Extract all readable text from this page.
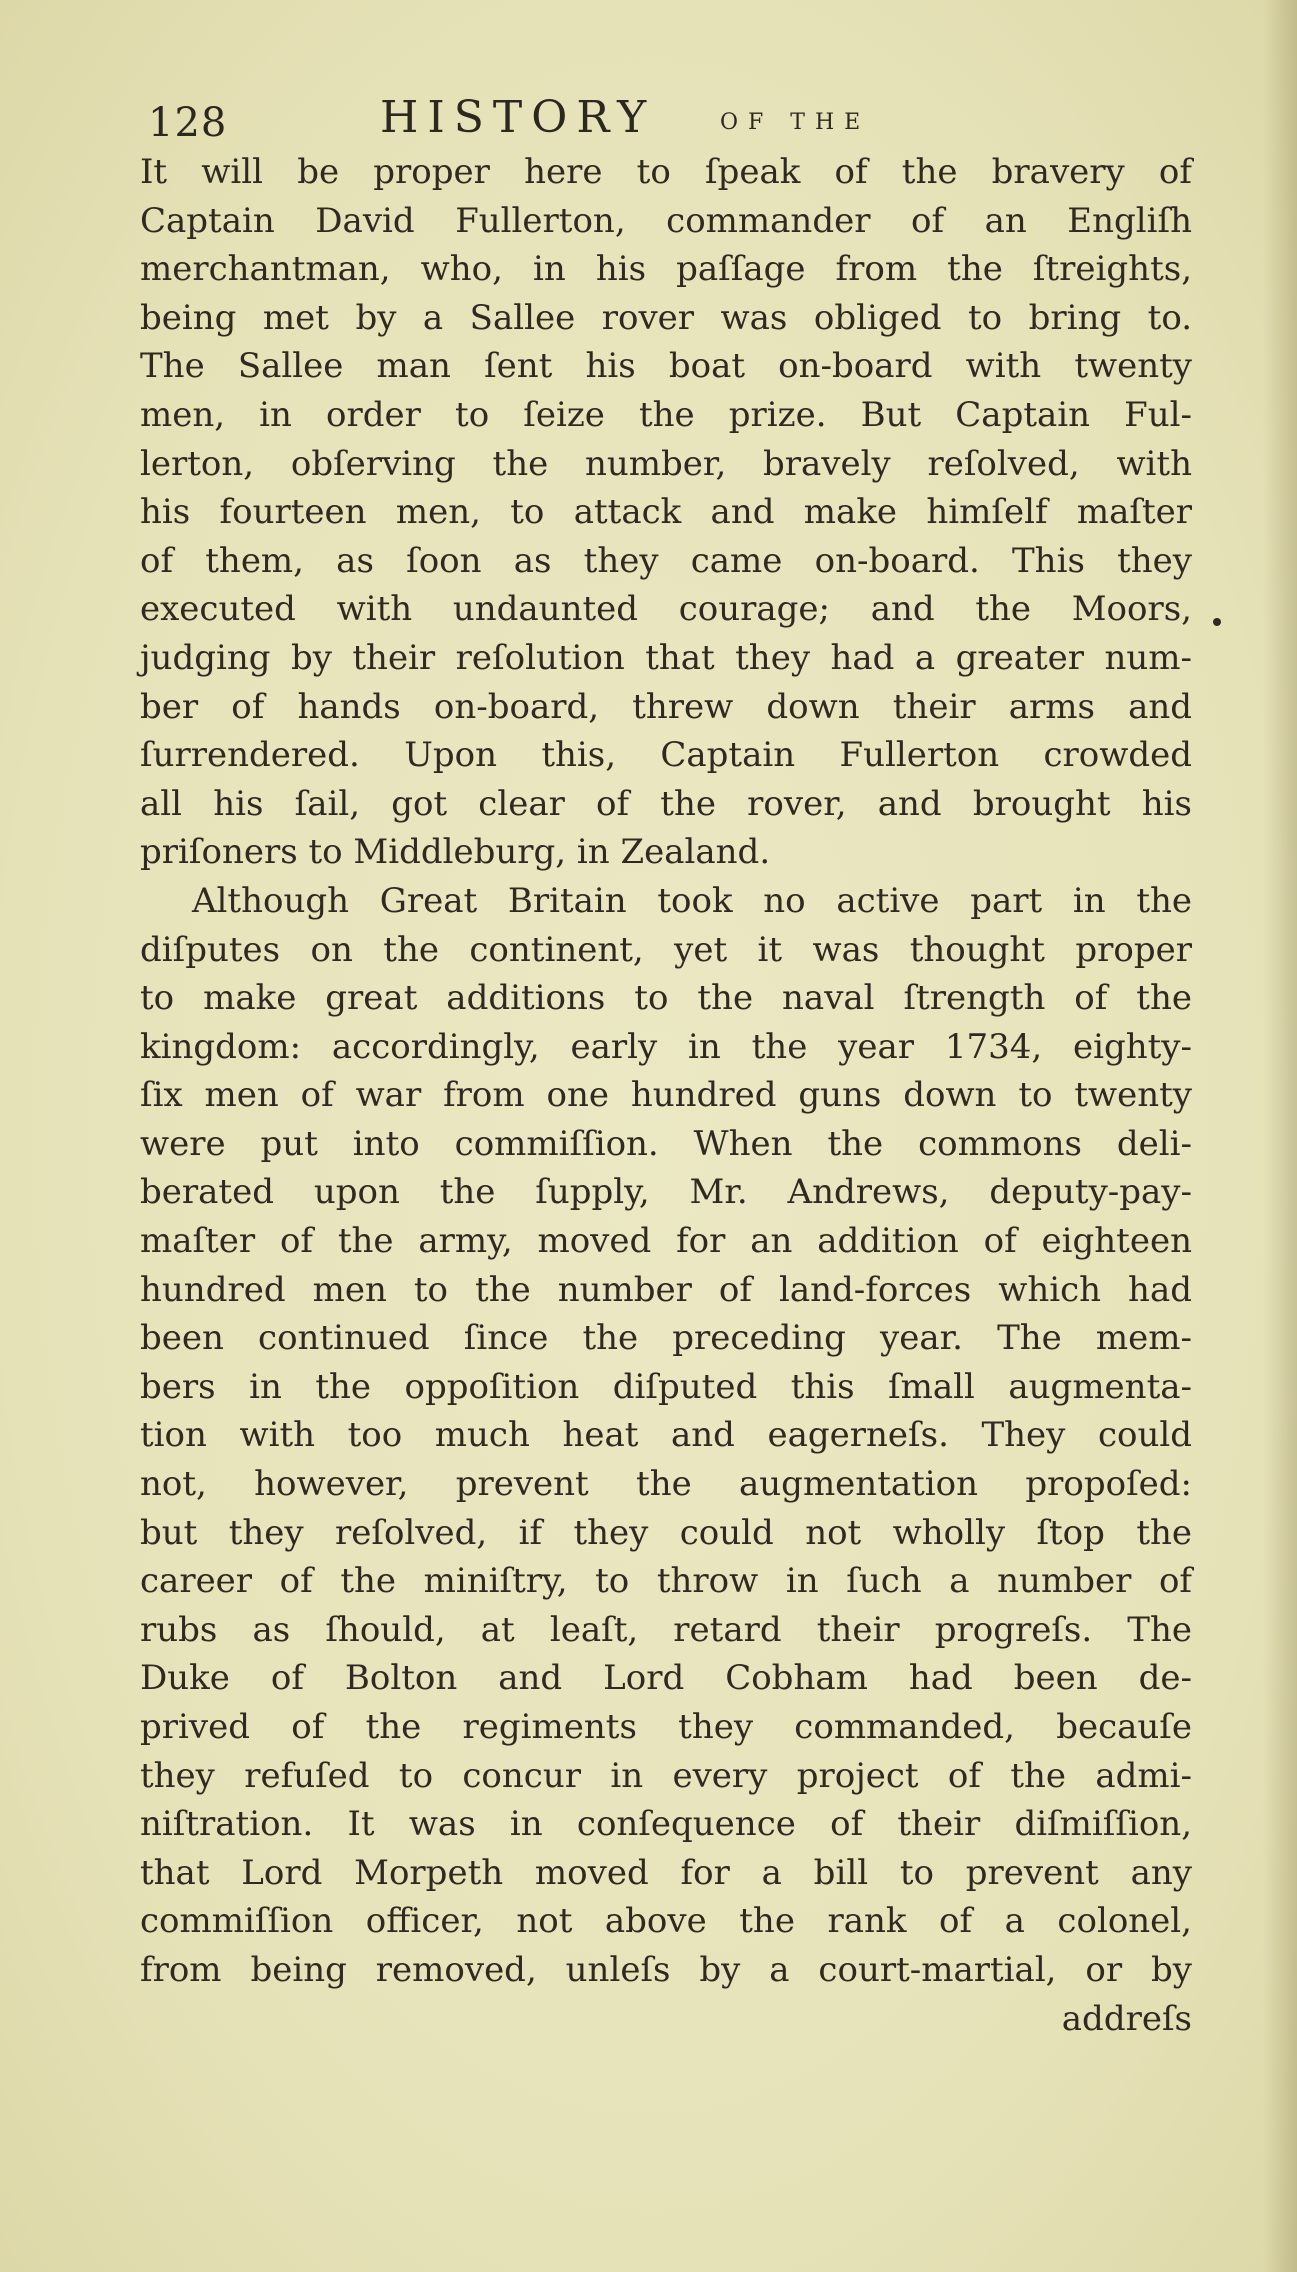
128	HISTORY	OF THE
It will be proper here to ſpeak of the bravery of
Captain David Fullerton, commander of an Engliſh
merchantman, who, in his paſſage from the ſtreights,
being met by a Sallee rover was obliged to bring to.
The Sallee man ſent his boat on-board with twenty
men, in order to ſeize the prize. But Captain Ful-
lerton, obſerving the number, bravely reſolved, with
his fourteen men, to attack and make himſelf maſter
of them, as ſoon as they came on-board. This they
executed with undaunted courage; and the Moors,
judging by their reſolution that they had a greater num-
ber of hands on-board, threw down their arms and
ſurrendered. Upon this, Captain Fullerton crowded
all his ſail, got clear of the rover, and brought his
priſoners to Middleburg, in Zealand.
Although Great Britain took no active part in the
diſputes on the continent, yet it was thought proper
to make great additions to the naval ſtrength of the
kingdom: accordingly, early in the year 1734, eighty-
ſix men of war from one hundred guns down to twenty
were put into commiſſion. When the commons deli-
berated upon the ſupply, Mr. Andrews, deputy-pay-
maſter of the army, moved for an addition of eighteen
hundred men to the number of land-forces which had
been continued ſince the preceding year. The mem-
bers in the oppoſition diſputed this ſmall augmenta-
tion with too much heat and eagerneſs. They could
not, however, prevent the augmentation propoſed:
but they reſolved, if they could not wholly ſtop the
career of the miniſtry, to throw in ſuch a number of
rubs as ſhould, at leaſt, retard their progreſs. The
Duke of Bolton and Lord Cobham had been de-
prived of the regiments they commanded, becauſe
they refuſed to concur in every project of the admi-
niſtration. It was in conſequence of their diſmiſſion,
that Lord Morpeth moved for a bill to prevent any
commiſſion officer, not above the rank of a colonel,
from being removed, unleſs by a court-martial, or by
addreſs
